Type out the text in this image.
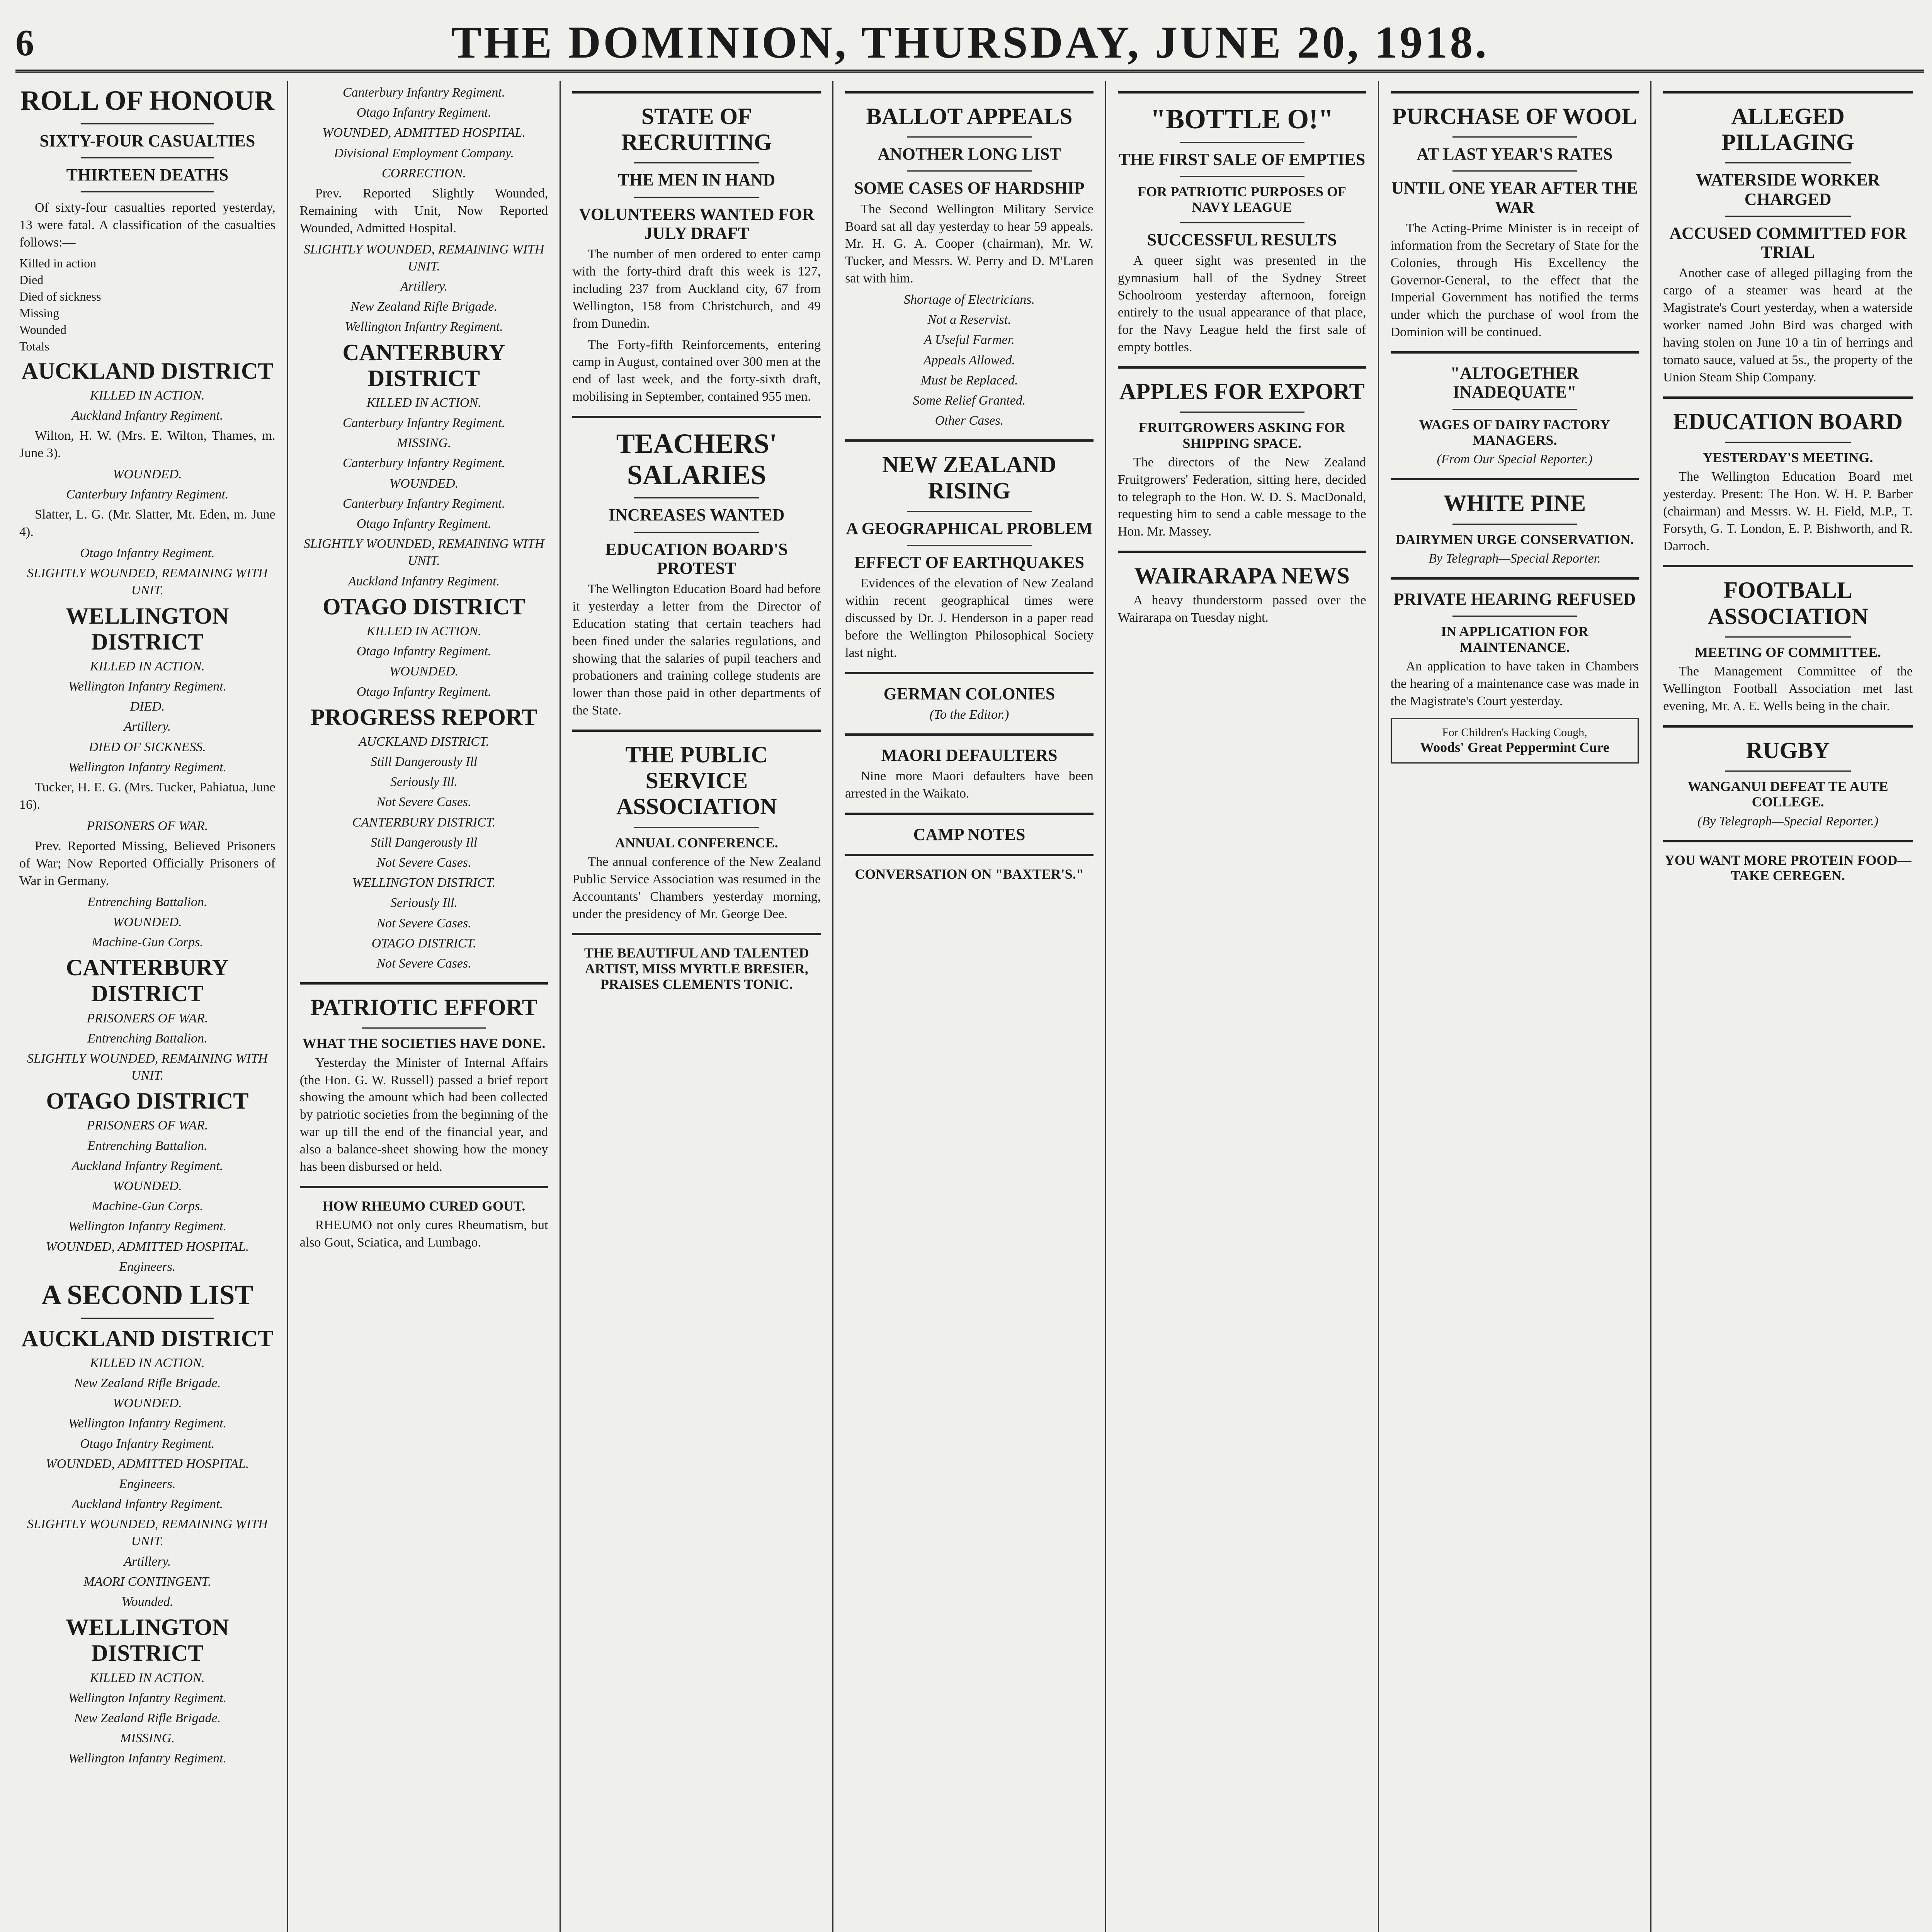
6	THE DOMINION, THURSDAY, JUNE 20, 1918.
ROLL OF HONOUR
SIXTY-FOUR CASUALTIES
THIRTEEN DEATHS
Of sixty-four casualties reported yesterday, 13 were fatal. A classification of the casualties follows:—
Killed in action
Died
Died of sickness
Missing
Wounded
Totals
AUCKLAND DISTRICT
KILLED IN ACTION.
Auckland Infantry Regiment.
Wilton, H. W. (Mrs. E. Wilton, Thames, m. June 3).
WOUNDED.
Canterbury Infantry Regiment.
Slatter, L. G. (Mr. Slatter, Mt. Eden, m. June 4).
Otago Infantry Regiment.
SLIGHTLY WOUNDED, REMAINING WITH UNIT.
WELLINGTON DISTRICT
KILLED IN ACTION.
Wellington Infantry Regiment.
DIED.
Artillery.
DIED OF SICKNESS.
Wellington Infantry Regiment.
Tucker, H. E. G. (Mrs. Tucker, Pahiatua, June 16).
PRISONERS OF WAR.
Prev. Reported Missing, Believed Prisoners of War; Now Reported Officially Prisoners of War in Germany.
Entrenching Battalion.
WOUNDED.
Machine-Gun Corps.
CANTERBURY DISTRICT
PRISONERS OF WAR.
Entrenching Battalion.
SLIGHTLY WOUNDED, REMAINING WITH UNIT.
OTAGO DISTRICT
PRISONERS OF WAR.
Entrenching Battalion.
Auckland Infantry Regiment.
WOUNDED.
Machine-Gun Corps.
Wellington Infantry Regiment.
WOUNDED, ADMITTED HOSPITAL.
Engineers.
A SECOND LIST
AUCKLAND DISTRICT
KILLED IN ACTION.
New Zealand Rifle Brigade.
WOUNDED.
Wellington Infantry Regiment.
Otago Infantry Regiment.
WOUNDED, ADMITTED HOSPITAL.
Engineers.
Auckland Infantry Regiment.
SLIGHTLY WOUNDED, REMAINING WITH UNIT.
Artillery.
MAORI CONTINGENT.
Wounded.
WELLINGTON DISTRICT
KILLED IN ACTION.
Wellington Infantry Regiment.
New Zealand Rifle Brigade.
MISSING.
Wellington Infantry Regiment.
Canterbury Infantry Regiment.
Otago Infantry Regiment.
WOUNDED, ADMITTED HOSPITAL.
Divisional Employment Company.
CORRECTION.
Prev. Reported Slightly Wounded, Remaining with Unit, Now Reported Wounded, Admitted Hospital.
SLIGHTLY WOUNDED, REMAINING WITH UNIT.
Artillery.
New Zealand Rifle Brigade.
Wellington Infantry Regiment.
CANTERBURY DISTRICT
KILLED IN ACTION.
Canterbury Infantry Regiment.
MISSING.
Canterbury Infantry Regiment.
WOUNDED.
Canterbury Infantry Regiment.
Otago Infantry Regiment.
SLIGHTLY WOUNDED, REMAINING WITH UNIT.
Auckland Infantry Regiment.
OTAGO DISTRICT
KILLED IN ACTION.
Otago Infantry Regiment.
WOUNDED.
Otago Infantry Regiment.
PROGRESS REPORT
AUCKLAND DISTRICT.
Still Dangerously Ill
Seriously Ill.
Not Severe Cases.
CANTERBURY DISTRICT.
Still Dangerously Ill
Not Severe Cases.
WELLINGTON DISTRICT.
Seriously Ill.
Not Severe Cases.
OTAGO DISTRICT.
Not Severe Cases.
PATRIOTIC EFFORT
WHAT THE SOCIETIES HAVE DONE.
Yesterday the Minister of Internal Affairs (the Hon. G. W. Russell) passed a brief report showing the amount which had been collected by patriotic societies from the beginning of the war up till the end of the financial year, and also a balance-sheet showing how the money has been disbursed or held.
HOW RHEUMO CURED GOUT.
RHEUMO not only cures Rheumatism, but also Gout, Sciatica, and Lumbago.
STATE OF RECRUITING
THE MEN IN HAND
VOLUNTEERS WANTED FOR JULY DRAFT
The number of men ordered to enter camp with the forty-third draft this week is 127, including 237 from Auckland city, 67 from Wellington, 158 from Christchurch, and 49 from Dunedin.
The Forty-fifth Reinforcements, entering camp in August, contained over 300 men at the end of last week, and the forty-sixth draft, mobilising in September, contained 955 men.
TEACHERS' SALARIES
INCREASES WANTED
EDUCATION BOARD'S PROTEST
The Wellington Education Board had before it yesterday a letter from the Director of Education stating that certain teachers had been fined under the salaries regulations, and showing that the salaries of pupil teachers and probationers and training college students are lower than those paid in other departments of the State.
THE PUBLIC SERVICE ASSOCIATION
ANNUAL CONFERENCE.
The annual conference of the New Zealand Public Service Association was resumed in the Accountants' Chambers yesterday morning, under the presidency of Mr. George Dee.
THE BEAUTIFUL AND TALENTED ARTIST, MISS MYRTLE BRESIER, PRAISES CLEMENTS TONIC.
BALLOT APPEALS
ANOTHER LONG LIST
SOME CASES OF HARDSHIP
The Second Wellington Military Service Board sat all day yesterday to hear 59 appeals. Mr. H. G. A. Cooper (chairman), Mr. W. Tucker, and Messrs. W. Perry and D. M'Laren sat with him.
Shortage of Electricians.
Not a Reservist.
A Useful Farmer.
Appeals Allowed.
Must be Replaced.
Some Relief Granted.
Other Cases.
NEW ZEALAND RISING
A GEOGRAPHICAL PROBLEM
EFFECT OF EARTHQUAKES
Evidences of the elevation of New Zealand within recent geographical times were discussed by Dr. J. Henderson in a paper read before the Wellington Philosophical Society last night.
GERMAN COLONIES
(To the Editor.)
MAORI DEFAULTERS
Nine more Maori defaulters have been arrested in the Waikato.
CAMP NOTES
CONVERSATION ON "BAXTER'S."
"BOTTLE O!"
THE FIRST SALE OF EMPTIES
FOR PATRIOTIC PURPOSES OF NAVY LEAGUE
SUCCESSFUL RESULTS
A queer sight was presented in the gymnasium hall of the Sydney Street Schoolroom yesterday afternoon, foreign entirely to the usual appearance of that place, for the Navy League held the first sale of empty bottles.
APPLES FOR EXPORT
FRUITGROWERS ASKING FOR SHIPPING SPACE.
The directors of the New Zealand Fruitgrowers' Federation, sitting here, decided to telegraph to the Hon. W. D. S. MacDonald, requesting him to send a cable message to the Hon. Mr. Massey.
WAIRARAPA NEWS
A heavy thunderstorm passed over the Wairarapa on Tuesday night.
PURCHASE OF WOOL
AT LAST YEAR'S RATES
UNTIL ONE YEAR AFTER THE WAR
The Acting-Prime Minister is in receipt of information from the Secretary of State for the Colonies, through His Excellency the Governor-General, to the effect that the Imperial Government has notified the terms under which the purchase of wool from the Dominion will be continued.
"ALTOGETHER INADEQUATE"
WAGES OF DAIRY FACTORY MANAGERS.
(From Our Special Reporter.)
WHITE PINE
DAIRYMEN URGE CONSERVATION.
By Telegraph—Special Reporter.
PRIVATE HEARING REFUSED
IN APPLICATION FOR MAINTENANCE.
An application to have taken in Chambers the hearing of a maintenance case was made in the Magistrate's Court yesterday.
For Children's Hacking Cough,
Woods' Great Peppermint Cure
ALLEGED PILLAGING
WATERSIDE WORKER CHARGED
ACCUSED COMMITTED FOR TRIAL
Another case of alleged pillaging from the cargo of a steamer was heard at the Magistrate's Court yesterday, when a waterside worker named John Bird was charged with having stolen on June 10 a tin of herrings and tomato sauce, valued at 5s., the property of the Union Steam Ship Company.
EDUCATION BOARD
YESTERDAY'S MEETING.
The Wellington Education Board met yesterday. Present: The Hon. W. H. P. Barber (chairman) and Messrs. W. H. Field, M.P., T. Forsyth, G. T. London, E. P. Bishworth, and R. Darroch.
FOOTBALL ASSOCIATION
MEETING OF COMMITTEE.
The Management Committee of the Wellington Football Association met last evening, Mr. A. E. Wells being in the chair.
RUGBY
WANGANUI DEFEAT TE AUTE COLLEGE.
(By Telegraph—Special Reporter.)
YOU WANT MORE PROTEIN FOOD—TAKE CEREGEN.
